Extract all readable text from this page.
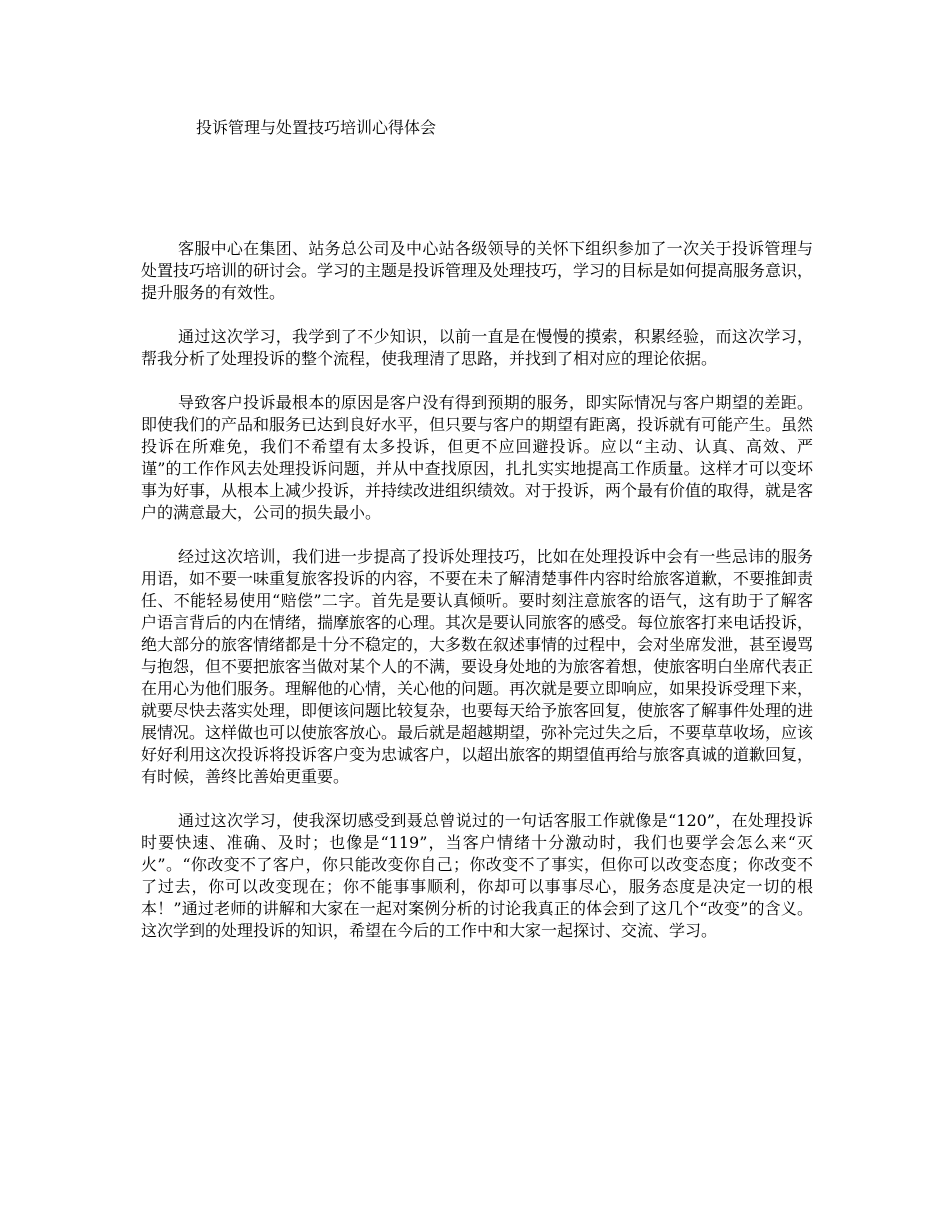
投诉管理与处置技巧培训心得体会

客服中心在集团、站务总公司及中心站各级领导的关怀下组织参加了一次关于投诉管理与处置技巧培训的研讨会。学习的主题是投诉管理及处理技巧，学习的目标是如何提高服务意识，提升服务的有效性。

通过这次学习，我学到了不少知识，以前一直是在慢慢的摸索，积累经验，而这次学习，帮我分析了处理投诉的整个流程，使我理清了思路，并找到了相对应的理论依据。

导致客户投诉最根本的原因是客户没有得到预期的服务，即实际情况与客户期望的差距。即使我们的产品和服务已达到良好水平，但只要与客户的期望有距离，投诉就有可能产生。虽然投诉在所难免，我们不希望有太多投诉，但更不应回避投诉。应以“主动、认真、高效、严谨”的工作作风去处理投诉问题，并从中查找原因，扎扎实实地提高工作质量。这样才可以变坏事为好事，从根本上减少投诉，并持续改进组织绩效。对于投诉，两个最有价值的取得，就是客户的满意最大，公司的损失最小。

经过这次培训，我们进一步提高了投诉处理技巧，比如在处理投诉中会有一些忌讳的服务用语，如不要一味重复旅客投诉的内容，不要在未了解清楚事件内容时给旅客道歉，不要推卸责任、不能轻易使用“赔偿”二字。首先是要认真倾听。要时刻注意旅客的语气，这有助于了解客户语言背后的内在情绪，揣摩旅客的心理。其次是要认同旅客的感受。每位旅客打来电话投诉，绝大部分的旅客情绪都是十分不稳定的，大多数在叙述事情的过程中，会对坐席发泄，甚至谩骂与抱怨，但不要把旅客当做对某个人的不满，要设身处地的为旅客着想，使旅客明白坐席代表正在用心为他们服务。理解他的心情，关心他的问题。再次就是要立即响应，如果投诉受理下来，就要尽快去落实处理，即便该问题比较复杂，也要每天给予旅客回复，使旅客了解事件处理的进展情况。这样做也可以使旅客放心。最后就是超越期望，弥补完过失之后，不要草草收场，应该好好利用这次投诉将投诉客户变为忠诚客户，以超出旅客的期望值再给与旅客真诚的道歉回复，有时候，善终比善始更重要。

通过这次学习，使我深切感受到聂总曾说过的一句话客服工作就像是“120”，在处理投诉时要快速、准确、及时；也像是“119”，当客户情绪十分激动时，我们也要学会怎么来“灭火”。“你改变不了客户，你只能改变你自己；你改变不了事实，但你可以改变态度；你改变不了过去，你可以改变现在；你不能事事顺利，你却可以事事尽心，服务态度是决定一切的根本！”通过老师的讲解和大家在一起对案例分析的讨论我真正的体会到了这几个“改变”的含义。这次学到的处理投诉的知识，希望在今后的工作中和大家一起探讨、交流、学习。
